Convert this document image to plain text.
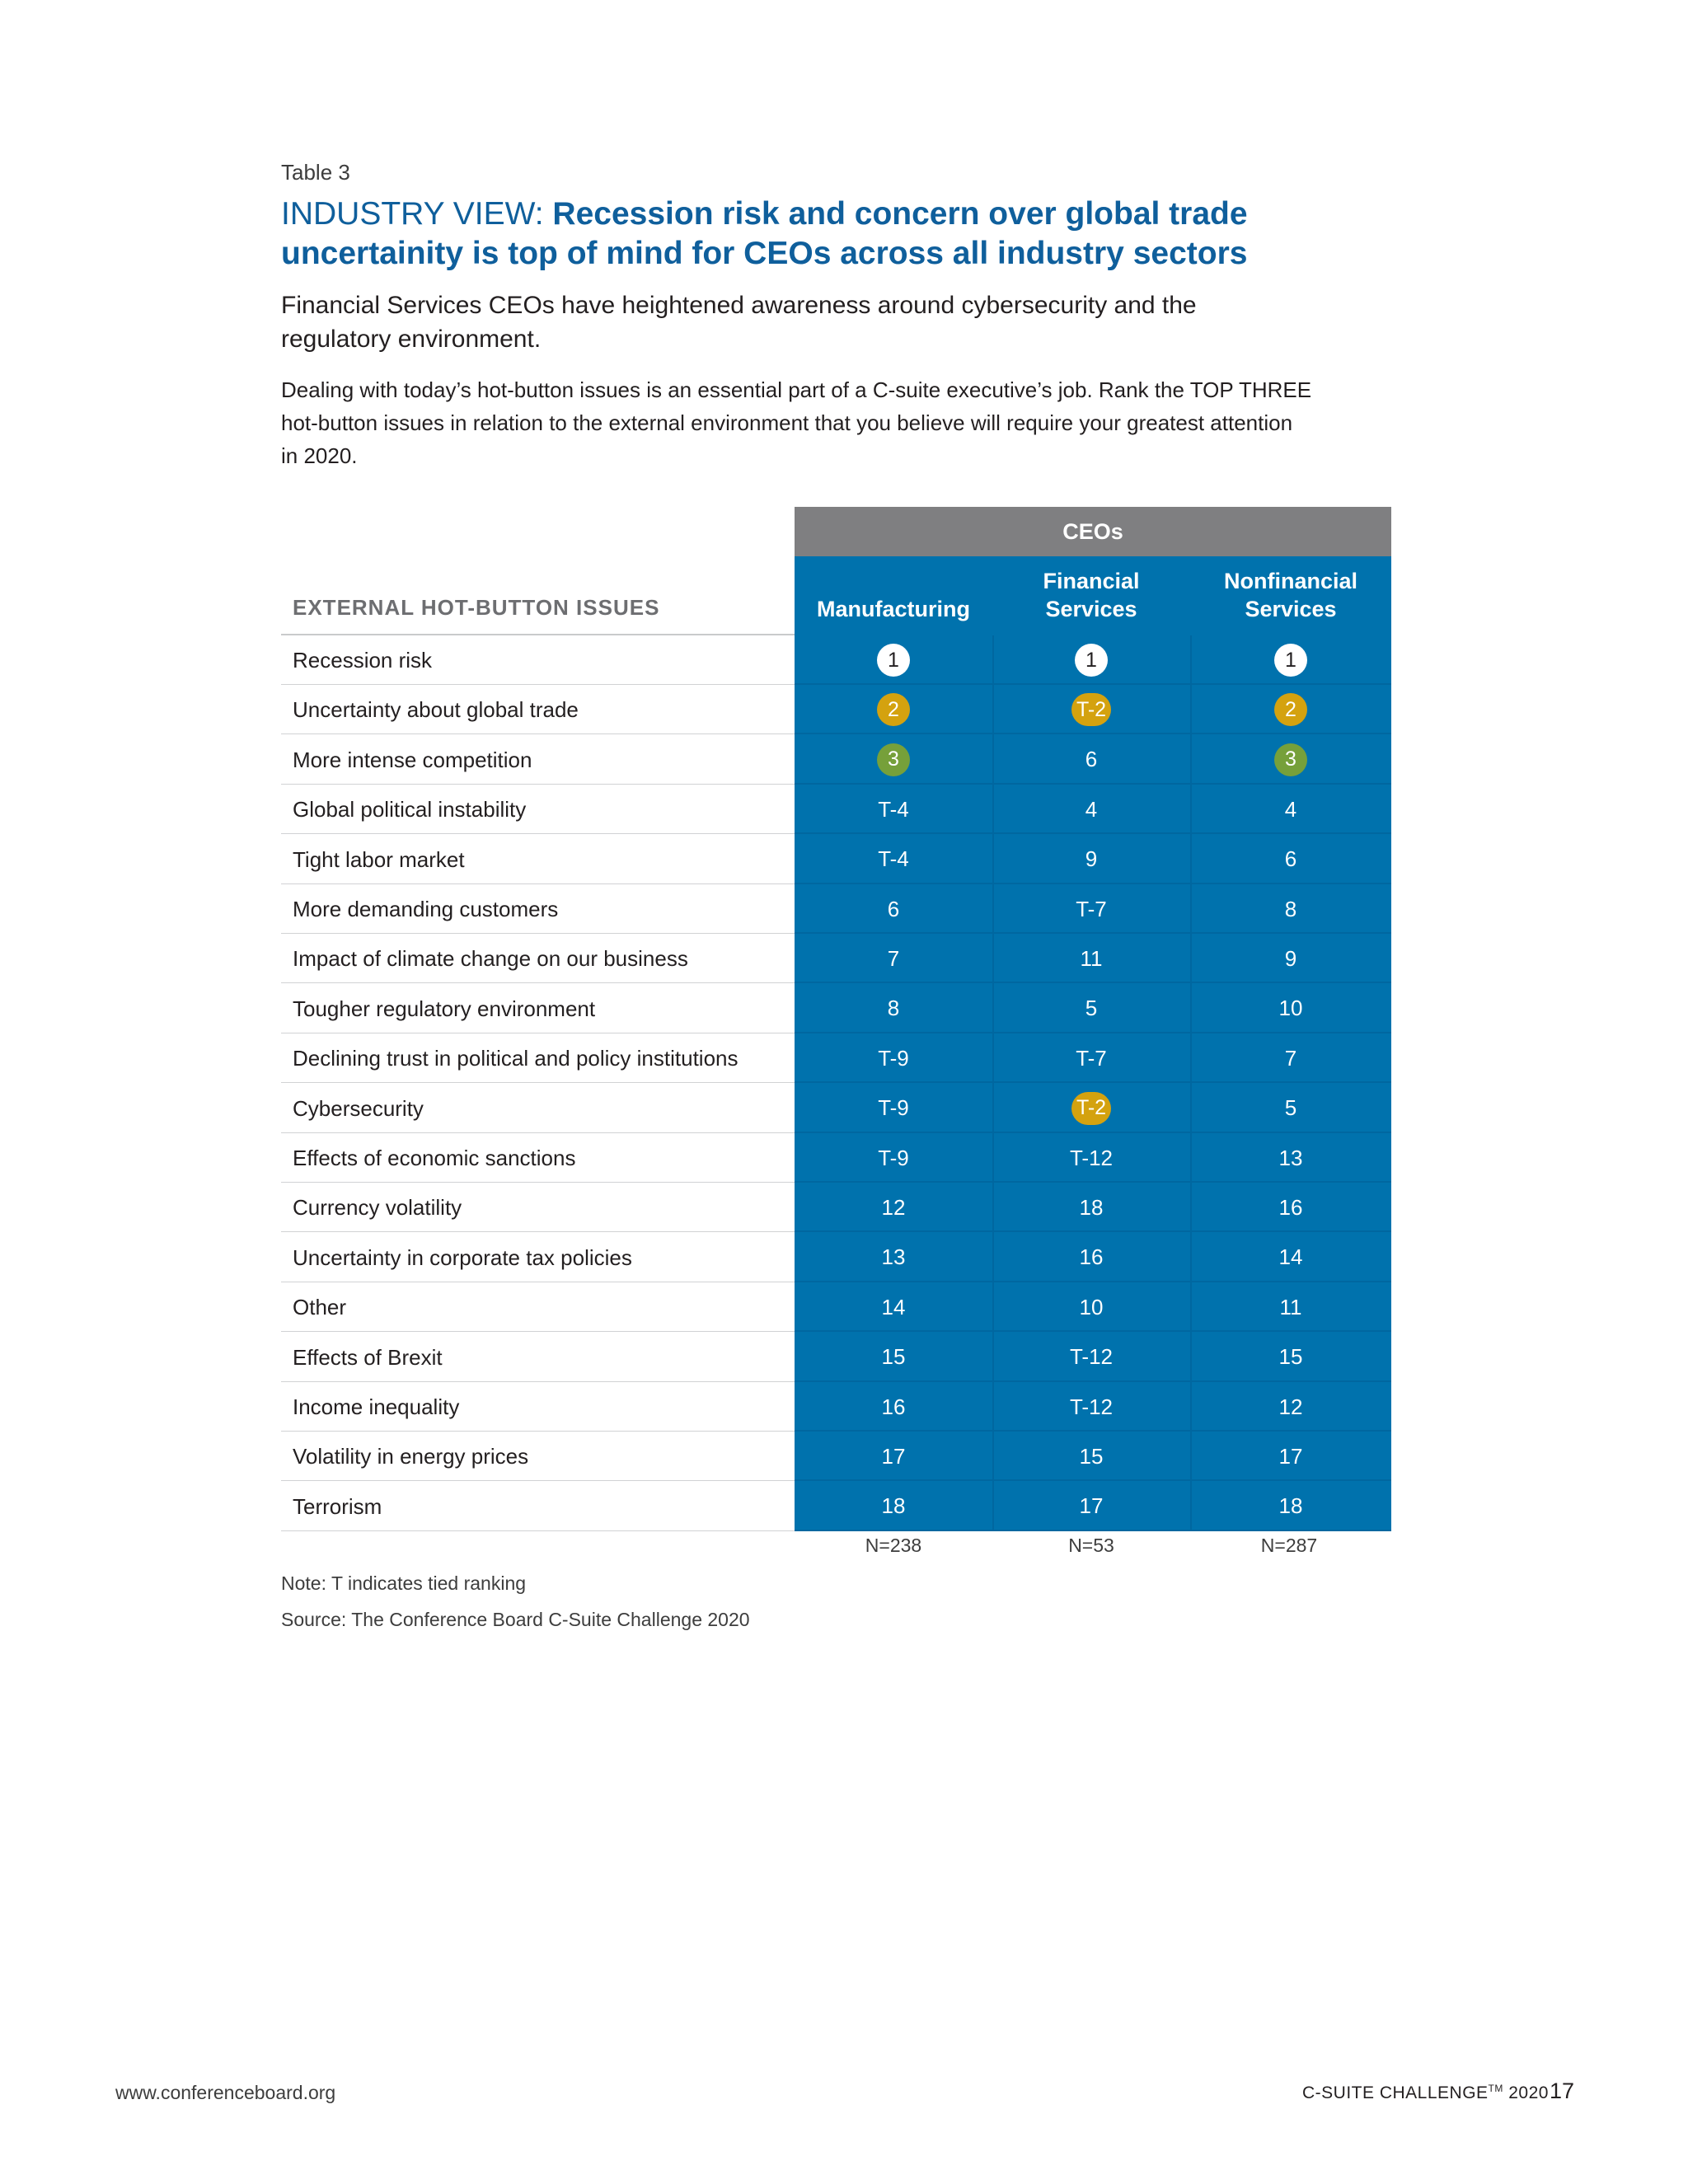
Table 3
INDUSTRY VIEW: Recession risk and concern over global trade
uncertainity is top of mind for CEOs across all industry sectors
Financial Services CEOs have heightened awareness around cybersecurity and the
regulatory environment.
Dealing with today’s hot-button issues is an essential part of a C-suite executive’s job. Rank the TOP THREE
hot-button issues in relation to the external environment that you believe will require your greatest attention
in 2020.
CEOs
Manufacturing
Financial
Services
Nonfinancial
Services
EXTERNAL HOT-BUTTON ISSUES
Recession risk	1	1	1
Uncertainty about global trade	2	T-2	2
More intense competition	3	6	3
Global political instability	T-4	4	4
Tight labor market	T-4	9	6
More demanding customers	6	T-7	8
Impact of climate change on our business	7	11	9
Tougher regulatory environment	8	5	10
Declining trust in political and policy institutions	T-9	T-7	7
Cybersecurity	T-9	T-2	5
Effects of economic sanctions	T-9	T-12	13
Currency volatility	12	18	16
Uncertainty in corporate tax policies	13	16	14
Other	14	10	11
Effects of Brexit	15	T-12	15
Income inequality	16	T-12	12
Volatility in energy prices	17	15	17
Terrorism	18	17	18
N=238	N=53	N=287
Note: T indicates tied ranking
Source: The Conference Board C-Suite Challenge 2020
www.conferenceboard.org	C-SUITE CHALLENGE™ 2020 17
